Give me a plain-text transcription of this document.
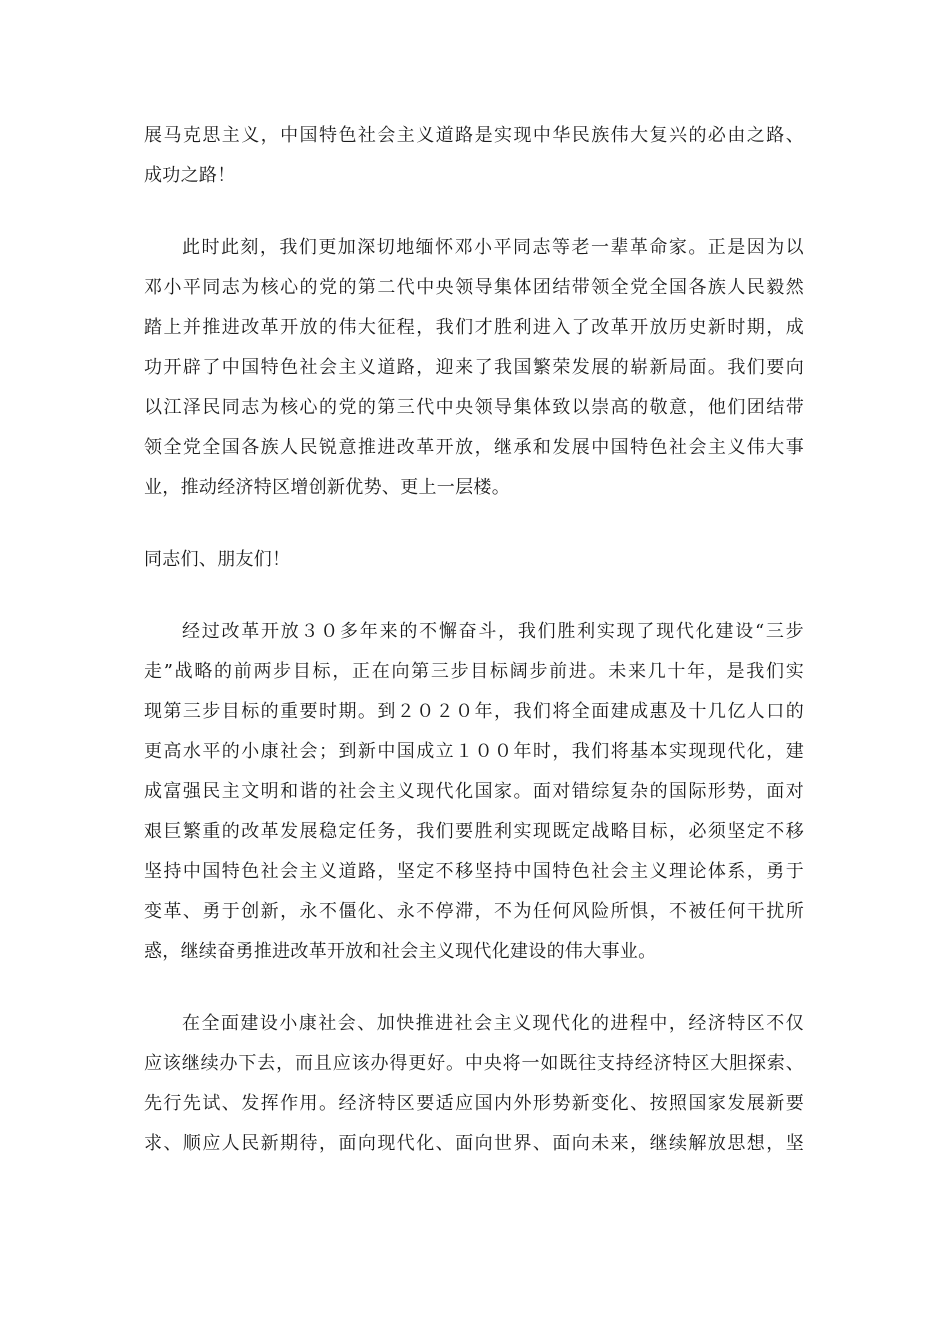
展马克思主义，中国特色社会主义道路是实现中华民族伟大复兴的必由之路、
成功之路！
此时此刻，我们更加深切地缅怀邓小平同志等老一辈革命家。正是因为以
邓小平同志为核心的党的第二代中央领导集体团结带领全党全国各族人民毅然
踏上并推进改革开放的伟大征程，我们才胜利进入了改革开放历史新时期，成
功开辟了中国特色社会主义道路，迎来了我国繁荣发展的崭新局面。我们要向
以江泽民同志为核心的党的第三代中央领导集体致以崇高的敬意，他们团结带
领全党全国各族人民锐意推进改革开放，继承和发展中国特色社会主义伟大事
业，推动经济特区增创新优势、更上一层楼。
同志们、朋友们！
经过改革开放３０多年来的不懈奋斗，我们胜利实现了现代化建设“三步
走”战略的前两步目标，正在向第三步目标阔步前进。未来几十年，是我们实
现第三步目标的重要时期。到２０２０年，我们将全面建成惠及十几亿人口的
更高水平的小康社会；到新中国成立１００年时，我们将基本实现现代化，建
成富强民主文明和谐的社会主义现代化国家。面对错综复杂的国际形势，面对
艰巨繁重的改革发展稳定任务，我们要胜利实现既定战略目标，必须坚定不移
坚持中国特色社会主义道路，坚定不移坚持中国特色社会主义理论体系，勇于
变革、勇于创新，永不僵化、永不停滞，不为任何风险所惧，不被任何干扰所
惑，继续奋勇推进改革开放和社会主义现代化建设的伟大事业。
在全面建设小康社会、加快推进社会主义现代化的进程中，经济特区不仅
应该继续办下去，而且应该办得更好。中央将一如既往支持经济特区大胆探索、
先行先试、发挥作用。经济特区要适应国内外形势新变化、按照国家发展新要
求、顺应人民新期待，面向现代化、面向世界、面向未来，继续解放思想，坚
